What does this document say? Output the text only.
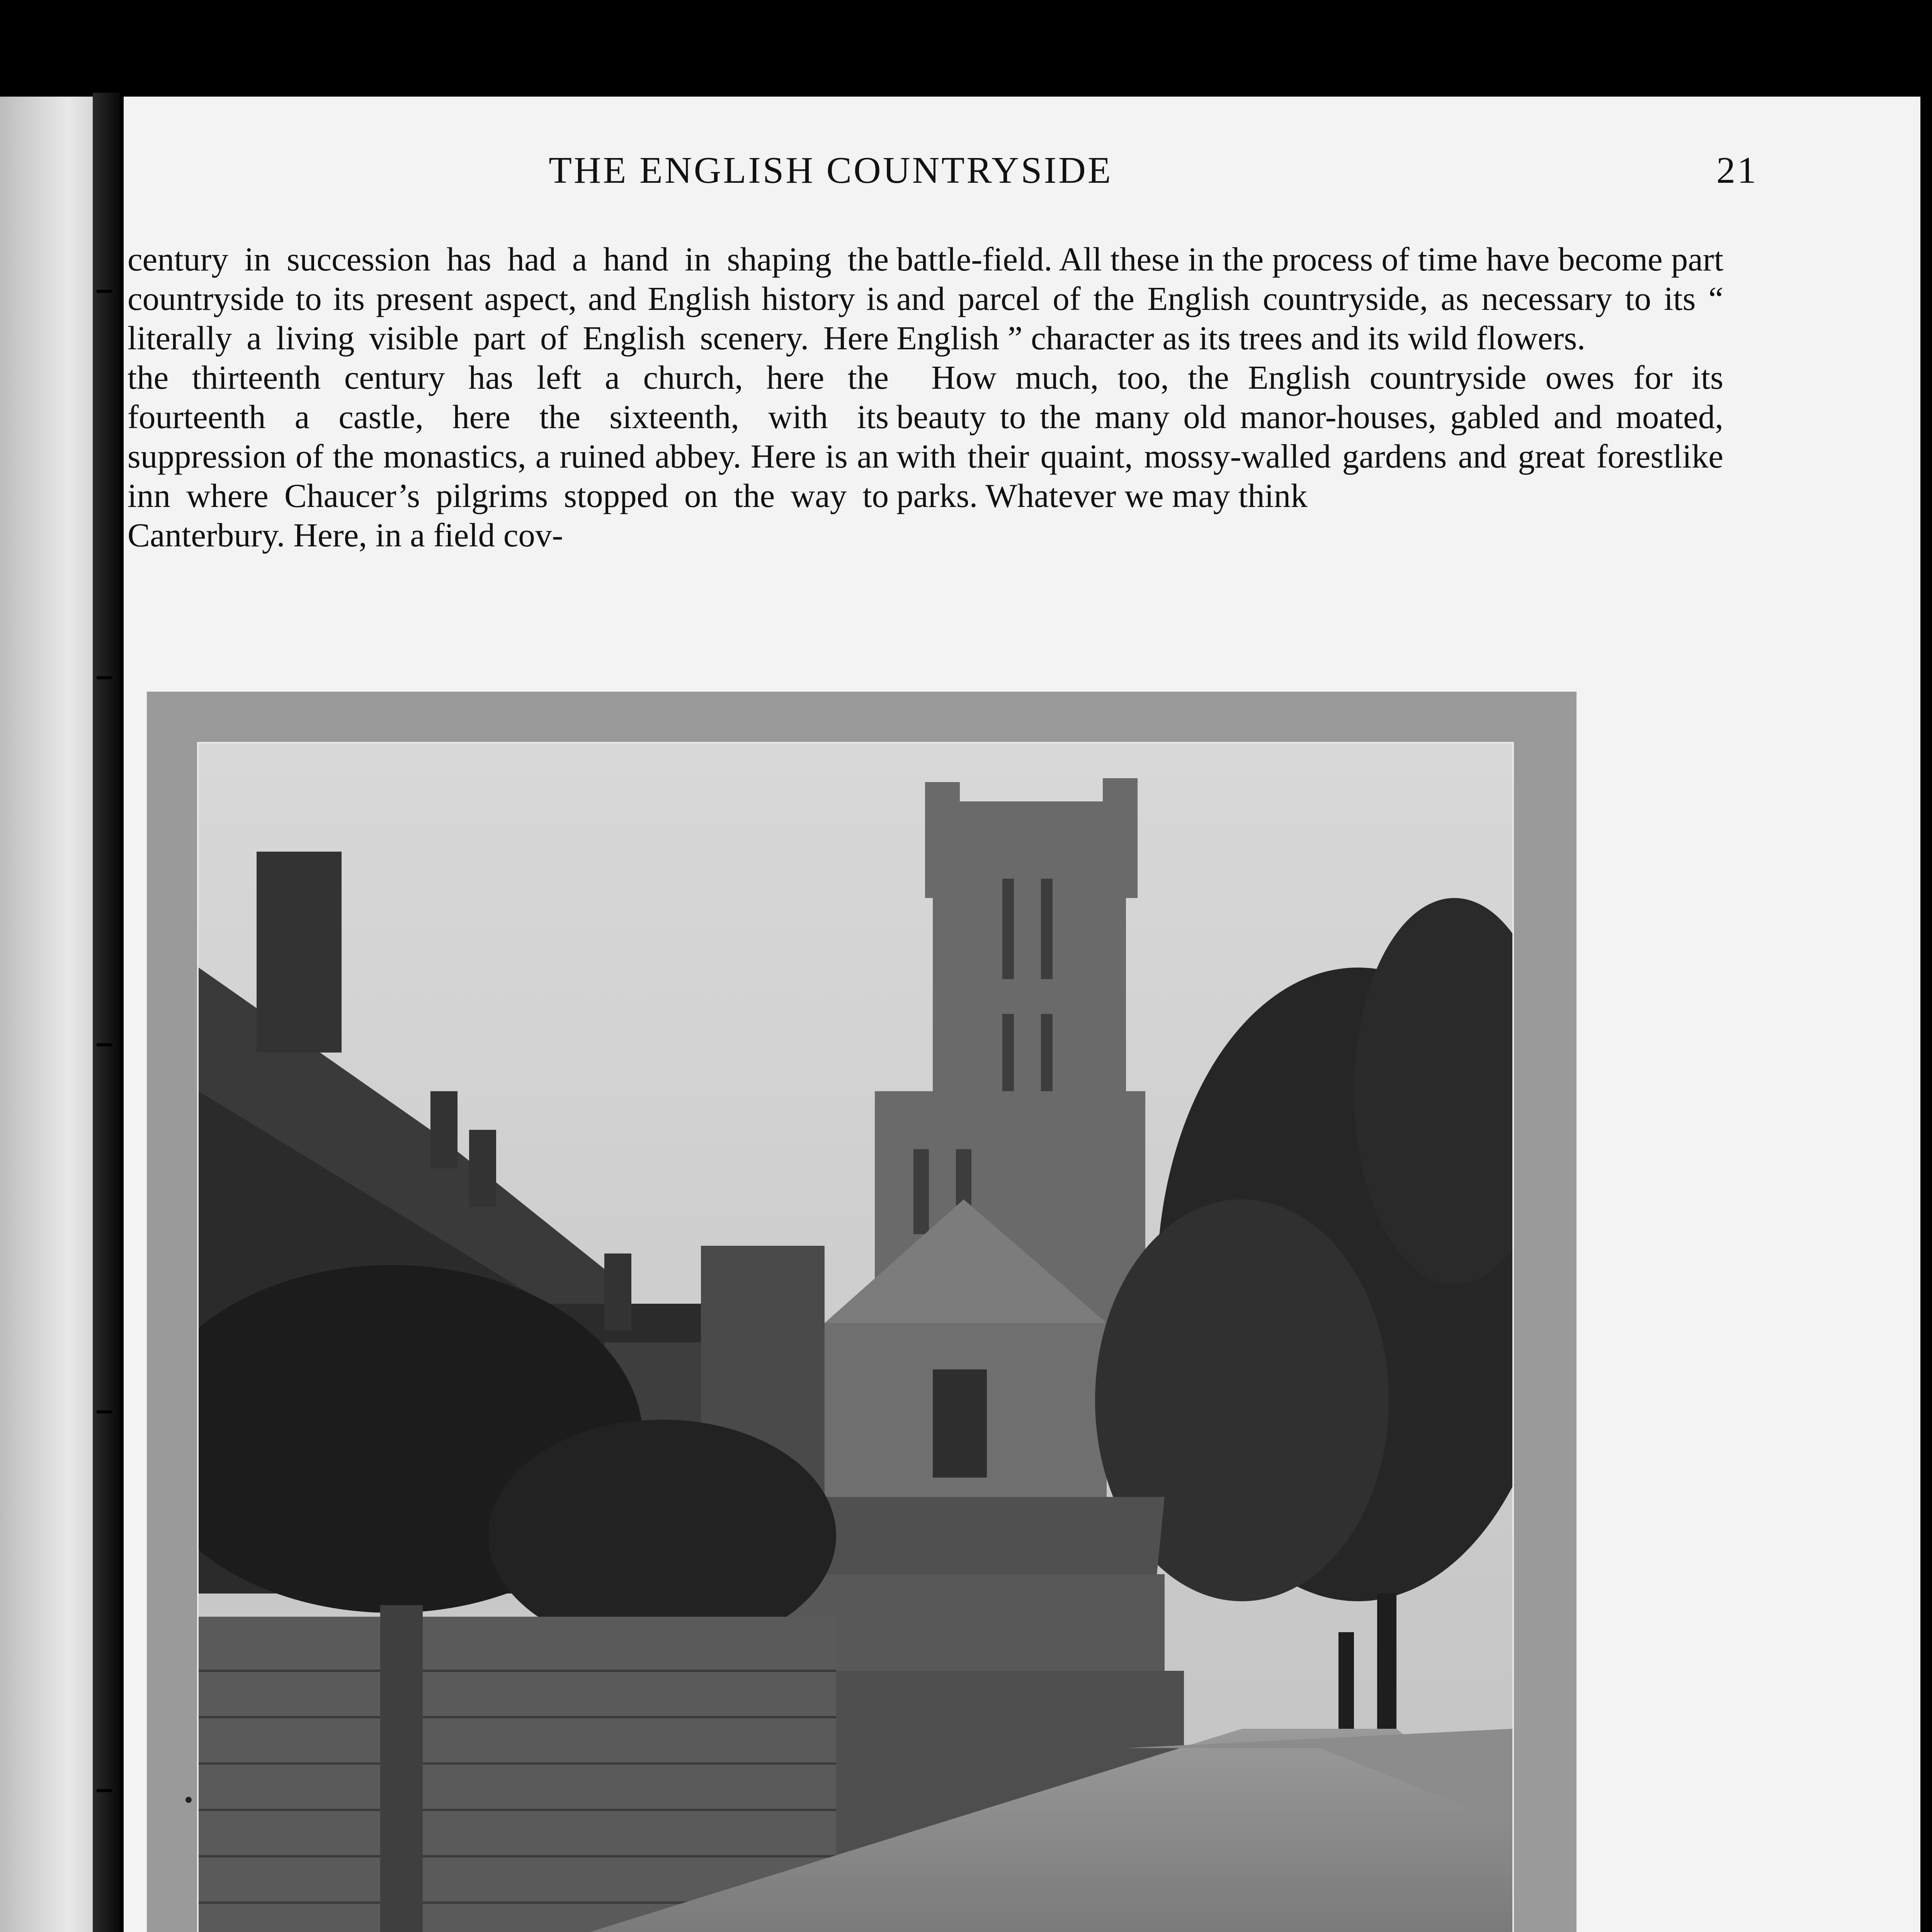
THE ENGLISH COUNTRYSIDE	21

century in succession has had a hand in shaping the countryside to its present aspect, and English history is literally a living visible part of English scenery. Here the thirteenth century has left a church, here the fourteenth a castle, here the sixteenth, with its suppression of the monastics, a ruined abbey. Here is an inn where Chaucer’s pilgrims stopped on the way to Canterbury. Here, in a field cov-

battle-field. All these in the process of time have become part and parcel of the English countryside, as necessary to its “ English ” character as its trees and its wild flowers.

How much, too, the English countryside owes for its beauty to the many old manor-houses, gabled and moated, with their quaint, mossy-walled gardens and great forestlike parks. Whatever we may think
